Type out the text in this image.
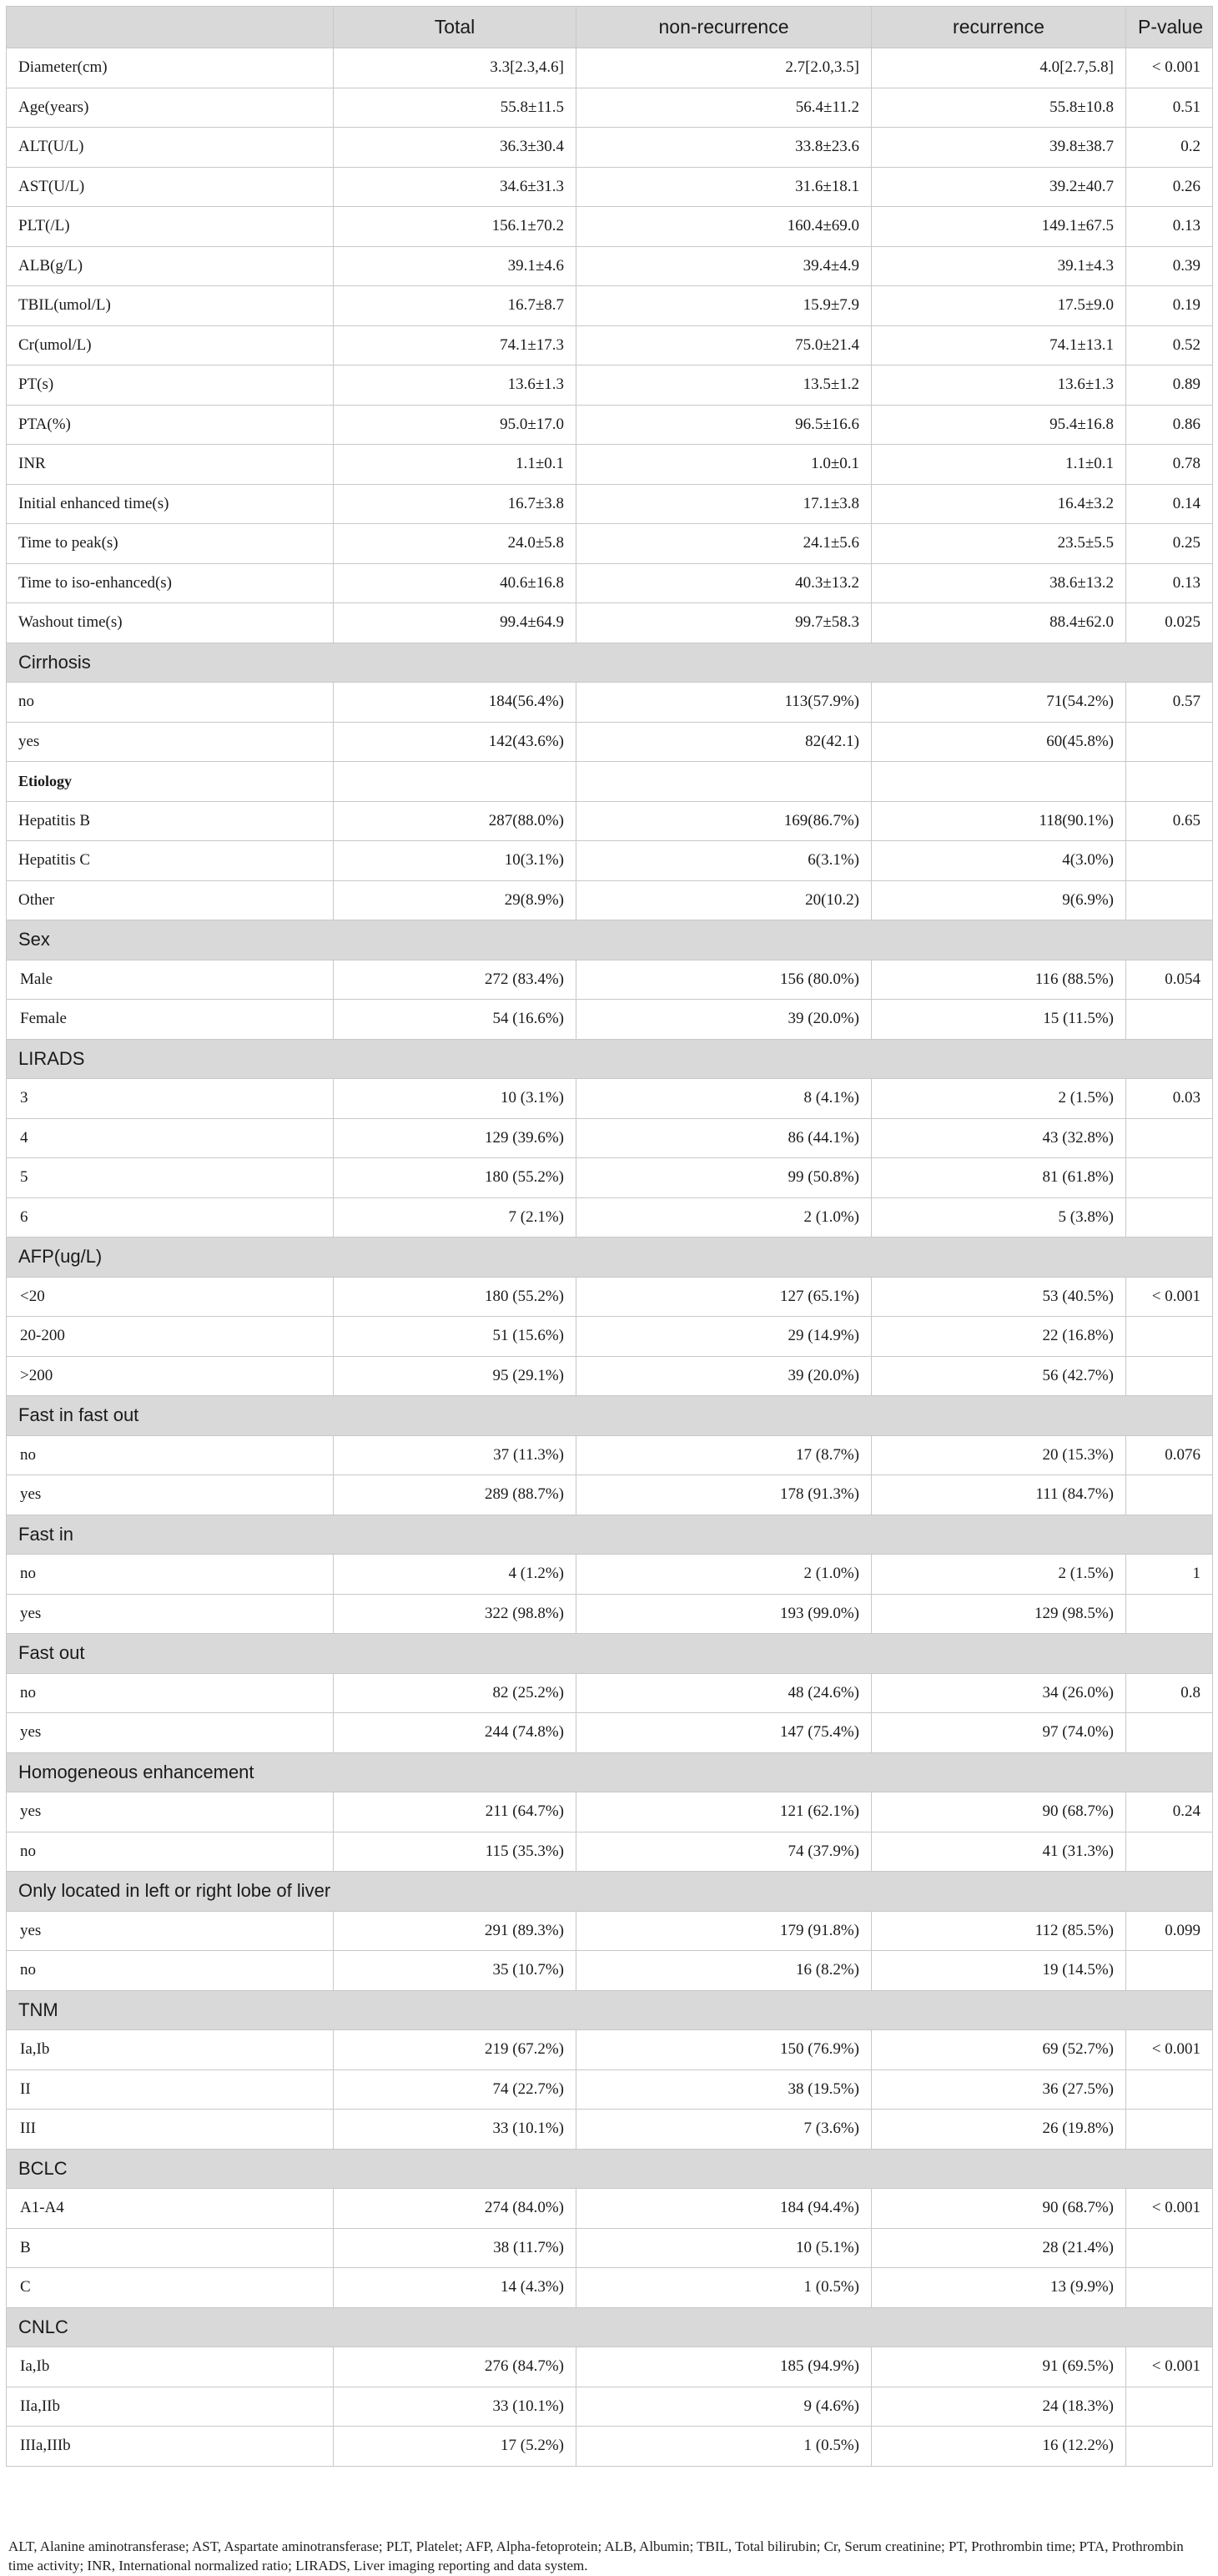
	Total	non-recurrence	recurrence	P-value
Diameter(cm)	3.3[2.3,4.6]	2.7[2.0,3.5]	4.0[2.7,5.8]	< 0.001
Age(years)	55.8±11.5	56.4±11.2	55.8±10.8	0.51
ALT(U/L)	36.3±30.4	33.8±23.6	39.8±38.7	0.2
AST(U/L)	34.6±31.3	31.6±18.1	39.2±40.7	0.26
PLT(/L)	156.1±70.2	160.4±69.0	149.1±67.5	0.13
ALB(g/L)	39.1±4.6	39.4±4.9	39.1±4.3	0.39
TBIL(umol/L)	16.7±8.7	15.9±7.9	17.5±9.0	0.19
Cr(umol/L)	74.1±17.3	75.0±21.4	74.1±13.1	0.52
PT(s)	13.6±1.3	13.5±1.2	13.6±1.3	0.89
PTA(%)	95.0±17.0	96.5±16.6	95.4±16.8	0.86
INR	1.1±0.1	1.0±0.1	1.1±0.1	0.78
Initial enhanced time(s)	16.7±3.8	17.1±3.8	16.4±3.2	0.14
Time to peak(s)	24.0±5.8	24.1±5.6	23.5±5.5	0.25
Time to iso-enhanced(s)	40.6±16.8	40.3±13.2	38.6±13.2	0.13
Washout time(s)	99.4±64.9	99.7±58.3	88.4±62.0	0.025
Cirrhosis				
no	184(56.4%)	113(57.9%)	71(54.2%)	0.57
yes	142(43.6%)	82(42.1)	60(45.8%)	
Etiology				
Hepatitis B	287(88.0%)	169(86.7%)	118(90.1%)	0.65
Hepatitis C	10(3.1%)	6(3.1%)	4(3.0%)	
Other	29(8.9%)	20(10.2)	9(6.9%)	
Sex				
Male	272 (83.4%)	156 (80.0%)	116 (88.5%)	0.054
Female	54 (16.6%)	39 (20.0%)	15 (11.5%)	
LIRADS				
3	10 (3.1%)	8 (4.1%)	2 (1.5%)	0.03
4	129 (39.6%)	86 (44.1%)	43 (32.8%)	
5	180 (55.2%)	99 (50.8%)	81 (61.8%)	
6	7 (2.1%)	2 (1.0%)	5 (3.8%)	
AFP(ug/L)				
<20	180 (55.2%)	127 (65.1%)	53 (40.5%)	< 0.001
20-200	51 (15.6%)	29 (14.9%)	22 (16.8%)	
>200	95 (29.1%)	39 (20.0%)	56 (42.7%)	
Fast in fast out				
no	37 (11.3%)	17 (8.7%)	20 (15.3%)	0.076
yes	289 (88.7%)	178 (91.3%)	111 (84.7%)	
Fast in				
no	4 (1.2%)	2 (1.0%)	2 (1.5%)	1
yes	322 (98.8%)	193 (99.0%)	129 (98.5%)	
Fast out				
no	82 (25.2%)	48 (24.6%)	34 (26.0%)	0.8
yes	244 (74.8%)	147 (75.4%)	97 (74.0%)	
Homogeneous enhancement				
yes	211 (64.7%)	121 (62.1%)	90 (68.7%)	0.24
no	115 (35.3%)	74 (37.9%)	41 (31.3%)	
Only located in left or right lobe of liver				
yes	291 (89.3%)	179 (91.8%)	112 (85.5%)	0.099
no	35 (10.7%)	16 (8.2%)	19 (14.5%)	
TNM				
Ia,Ib	219 (67.2%)	150 (76.9%)	69 (52.7%)	< 0.001
II	74 (22.7%)	38 (19.5%)	36 (27.5%)	
III	33 (10.1%)	7 (3.6%)	26 (19.8%)	
BCLC				
A1-A4	274 (84.0%)	184 (94.4%)	90 (68.7%)	< 0.001
B	38 (11.7%)	10 (5.1%)	28 (21.4%)	
C	14 (4.3%)	1 (0.5%)	13 (9.9%)	
CNLC				
Ia,Ib	276 (84.7%)	185 (94.9%)	91 (69.5%)	< 0.001
IIa,IIb	33 (10.1%)	9 (4.6%)	24 (18.3%)	
IIIa,IIIb	17 (5.2%)	1 (0.5%)	16 (12.2%)	
ALT, Alanine aminotransferase; AST, Aspartate aminotransferase; PLT, Platelet; AFP, Alpha-fetoprotein; ALB, Albumin; TBIL, Total bilirubin; Cr, Serum creatinine; PT, Prothrombin time; PTA, Prothrombin time activity; INR, International normalized ratio; LIRADS, Liver imaging reporting and data system.
